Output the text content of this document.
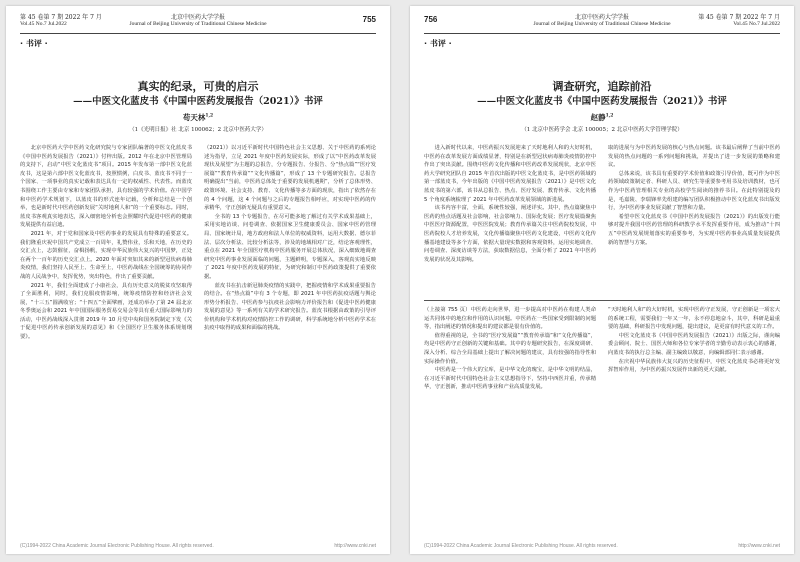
第 45 卷第 7 期 2022 年 7 月
Vol.45 No.7 Jul.2022
北京中医药大学学报
Journal of Beijing University of Traditional Chinese Medicine	755
· 书评 ·
真实的纪录，可贵的启示
——中医文化蓝皮书《中国中医药发展报告（2021）》书评
苟天林$^{1,2}$
（1《光明日报》社 北京 100062；2 北京中医药大学）

北京中医药大学中医药文化研究院与专家团队编著的中医文化蓝皮书《中国中医药发展报告（2021）》付梓出版。2012 年在北京中医管理局的支持下，启动“中医文化蓝皮书”项目。2015 年发布第一部中医文化蓝皮书，这是第六部中医文化蓝皮书，按照惯例，白皮书、蓝皮书不同于一个国家、一项事业的真实记载和表达具有一定的权威性、代表性。而蓝皮书围绕工作主要由专家和专家团队承担，具有较强的学术价值。在中国学和中医药学术规划下，以蓝皮书的形式连年记载，分析和总结是一个创举，也是新时代中医药创新发展“关时地利人和”的一个重要标志。同时，蓝皮书客观真实地表达，深入细密地分析也会照耀时代促进中医药的健康发展提供有益启迪。

2021 年，对于党和国家及中医药事业的发展具有特殊的重要意义。我们隆重庆祝中国共产党成立一百周年，礼赞伟业，乐和天地，在历史的交汇点上，志鼓催征，奋楫扬帆，实现中华民族伟大复兴的中国梦，正处在两个一百年的历史交汇点上。2020 年面对突如其来的新型冠状病毒肺炎疫情，我们坚持人民至上、生命至上，中医药战线在全国统筹的协同作战的人民战争中，发挥优势，突出特色，作出了重要贡献。

2021 年，我们全面建成了小康社会，具有历史意义的脱贫攻坚取得了全面胜利，同时，我们克服疫情影响，统筹疫情防控和经济社会发展，“十三五”圆满收官；“十四五”全面擘画，还成功举办了第 24 届北京冬季奥运会和 2021 年中国国际服务贸易交易会等具有重大国际影响力的活动，中医药战线深入贯彻 2019 年 10 月党中央和国务院制定下发《关于促进中医药传承创新发展的意见》和《全国医疗卫生服务体系规划纲要》。

（2021）》以习近平新时代中国特色社会主义思想、关于中医药的系列论述为指导，立足 2021 年度中医药发展实际，形成了以“中医药改革发展现状及展望”为主题的总报告，分专题报告、分报告、分“热点篇”“医疗发展篇”“教育传承篇”“文化传播篇”，形成了 13 个专题研究报告。总报告明确提出“当前，中医药总体处于重要的发展机遇期”，分析了总体形势、政策环境、社会支持、教育、文化传播等多方面的现状，指出了依然存在的 4 个问题，这 4 个问题与之后的专题报告相呼应，对实现中医药的传承精华，守正创新无疑具有重要意义。

全书的 13 个专题报告，在尽可能多地了解过有关学术成果基础上，采用实地访谈、问卷调查、依据国家卫生健康委员会、国家中医药管理局、国家统计局，地方政府和法人单位的权威资料，运用大数据、德尔菲法、层次分析法、比较分析法等，涉及的地域相对广泛，结论客观理性，重点在 2021 年全国医疗机构中医药服务开展总体状况，深入细致地调查研究中医药事业发展面临的问题，主题鲜明，专题深入，客观真实地反映了 2021 年度中医药发展的特征，为研究和制订中医药政策提供了重要依据。

蓝皮书在抗击新冠肺炎疫情的实践中，把握疫情和学术成果重要报告的结合。在“热点篇”中有 3 个专题，即 2021 年中医药抗疫话题与舆论形势分析报告、中医药参与抗疫社会影响力评价报告和《促进中医药健康发展的意见》等一系列有关的学术研究报告。蓝皮书根据由政策的引导评价机构和学术机构对疫情防控工作的调研，科学系统地分析中医药学术在抗疫中取得的成果和面临的挑战。

(C)1994-2022 China Academic Journal Electronic Publishing House. All rights reserved.	http://www.cnki.net
756	北京中医药大学学报
Journal of Beijing University of Traditional Chinese Medicine
第 45 卷第 7 期 2022 年 7 月
Vol.45 No.7 Jul.2022
· 书评 ·
调查研究，追踪前沿
——中医文化蓝皮书《中国中医药发展报告（2021）》书评
赵静$^{1,2}$
（1 北京中医药学会 北京 100005；2 北京中医药大学管理学院）

进入新时代以来，中医药振兴发展迎来了天时地利人和的大好时机，中医药在改革发展方面成绩显著，特别是在新型冠状病毒肺炎疫情防控中作出了突出贡献。围绕中医药文化传播和中医药改革发展现状，北京中医药大学研究团队自 2015 年首次出版的中医文化蓝皮书，是中医药领域的第一部蓝皮书，今年出版的《中国中医药发展报告（2021）》是中医文化蓝皮书的第六部，该书从总报告、热点、医疗发展、教育传承、文化传播 5 个角度系统梳理了 2021 年中医药改革发展领域的新进展。

该书内容丰富，全面，系统性较强，阐述详实。其中，热点篇聚焦中医药的热点话题及社会影响，社会影响力、国际化发展；医疗发展篇聚焦中医医疗资源配置，中医医院发展；教育传承篇关注中医药院校发展，中医药院校人才培养发展，文化传播篇聚焦中医药文化建设，中医药文化传播基地建设等多个方面，依据大量现实数据和客观资料，运用实地调查、问卷调查、深度访谈等方法，获取数据信息，全面分析了 2021 年中医药发展的状况及其影响。

取的进展与为中医药发展的核心与热点问题。该书最后阐释了当前中医药发展的热点问题的一系列问题和挑战，并提出了进一步发展的策略和建议。

总体来说，该书具有重要的学术价值和政策引导价值，既可作为中医药领域政策制定者、科研人员、研究生等重要参考用书及培训教材，也可作为中医药管理相关专业的高校学生阅读的推荐书目。在此特别提及的是，毛嘉陵、李瑞锋率先组建的编写团队积极推动中医文化蓝皮书出版发行，为中医药事业发展贡献了智慧和力量。

希望中医文化蓝皮书《中国中医药发展报告（2021）》的出版发行能够对提升我国中医药管理的科研教学水平发挥重要作用，成为推动“十四五”中医药发展规划落实的重要参考，为实现中医药事业高质量发展提供新的智慧与方案。

（上接第 755 页）中医药走向世界，进一步提高对中医药在构建人类命运共同体中的地位和作用的认识问题。中医药在一些国家受到限制的问题等，指出阐述的情况和提出的建议都是很有价值的。

值得重视的是，全书的“医疗发展篇”“教育传承篇”和“文化传播篇”，均是中医药守正创新的关键和基础。其中的专题研究报告，在深度调研、深入分析、综合全局基础上提出了解决问题的建议，具有较强的指导性和实际操作价值。

中医药是一个伟大的宝库，是中华文化的瑰宝，是中华文明的结晶，在习近平新时代中国特色社会主义思想指导下，坚持中西医并重，传承精华，守正创新，推动中医药事业和产业高质量发展。

“天时地利人和”的大好时机，实现中医药守正发展，守正创新是一项宏大的系统工程，需要我们一年又一年，永不停息地奋斗，其中，科研是最重要的基础，科研报告中发现问题，提出建议，是更富有时代意义的工作。

中医文化蓝皮书《中国中医药发展报告（2021）》出版之际，谨向编委会顾问、院士、国医大师和各位专家学者的辛勤劳动表示衷心的感谢，向蓝皮书的执行总主编、副主编致以敬意，向编辑部同仁表示感谢。

在庆祝中华民族伟大复兴的历史征程中，中医文化蓝皮书必将更好发挥智库作用，为中医药振兴发展作出新的更大贡献。

(C)1994-2022 China Academic Journal Electronic Publishing House. All rights reserved.	http://www.cnki.net
